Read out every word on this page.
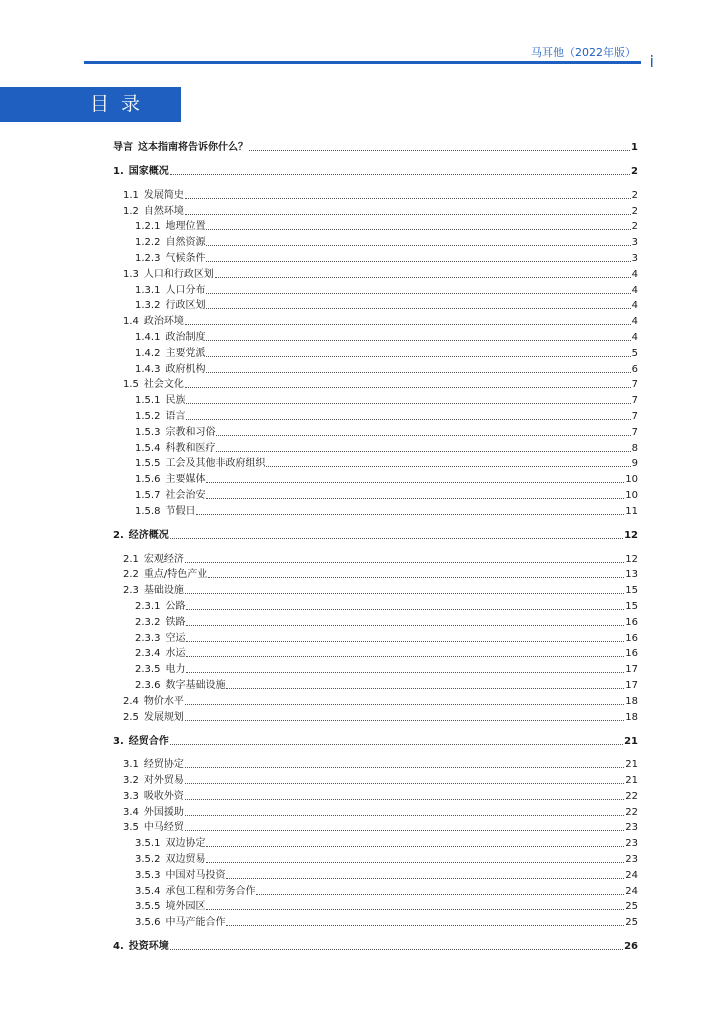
马耳他（2022年版） i
目录
导言 这本指南将告诉你什么？	1
1. 国家概况	2
1.1 发展简史	2
1.2 自然环境	2
1.2.1 地理位置	2
1.2.2 自然资源	3
1.2.3 气候条件	3
1.3 人口和行政区划	4
1.3.1 人口分布	4
1.3.2 行政区划	4
1.4 政治环境	4
1.4.1 政治制度	4
1.4.2 主要党派	5
1.4.3 政府机构	6
1.5 社会文化	7
1.5.1 民族	7
1.5.2 语言	7
1.5.3 宗教和习俗	7
1.5.4 科教和医疗	8
1.5.5 工会及其他非政府组织	9
1.5.6 主要媒体	10
1.5.7 社会治安	10
1.5.8 节假日	11
2. 经济概况	12
2.1 宏观经济	12
2.2 重点/特色产业	13
2.3 基础设施	15
2.3.1 公路	15
2.3.2 铁路	16
2.3.3 空运	16
2.3.4 水运	16
2.3.5 电力	17
2.3.6 数字基础设施	17
2.4 物价水平	18
2.5 发展规划	18
3. 经贸合作	21
3.1 经贸协定	21
3.2 对外贸易	21
3.3 吸收外资	22
3.4 外国援助	22
3.5 中马经贸	23
3.5.1 双边协定	23
3.5.2 双边贸易	23
3.5.3 中国对马投资	24
3.5.4 承包工程和劳务合作	24
3.5.5 境外园区	25
3.5.6 中马产能合作	25
4. 投资环境	26
